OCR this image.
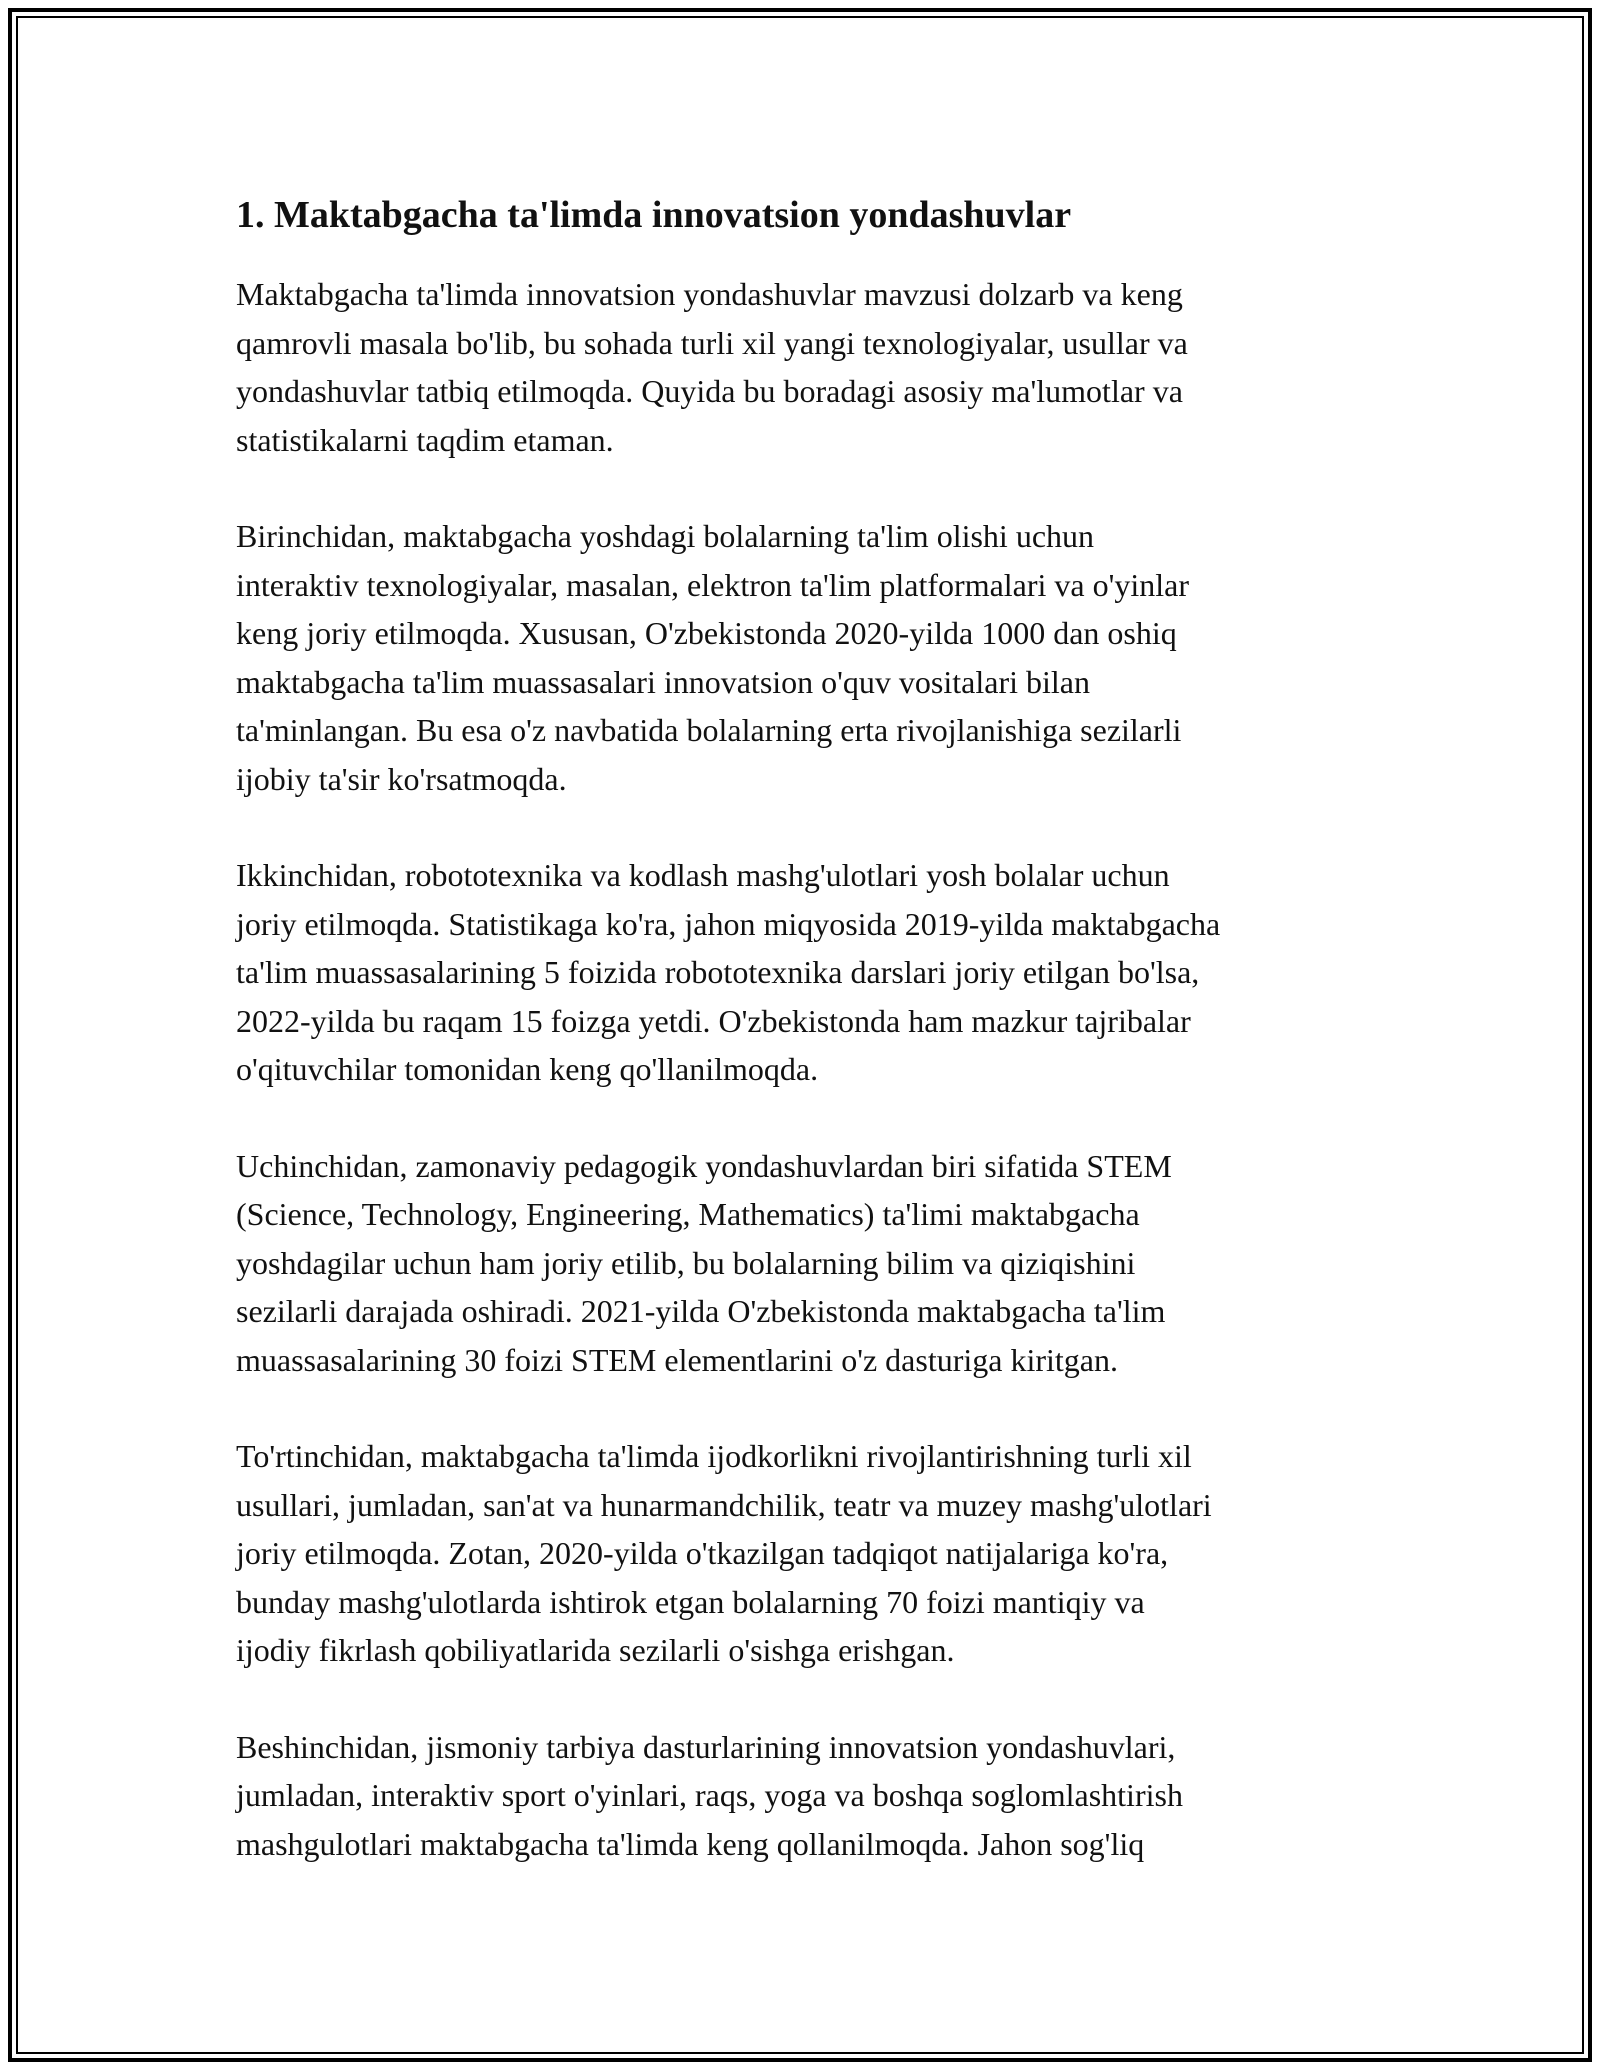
1. Maktabgacha ta'limda innovatsion yondashuvlar

Maktabgacha ta'limda innovatsion yondashuvlar mavzusi dolzarb va keng
qamrovli masala bo'lib, bu sohada turli xil yangi texnologiyalar, usullar va
yondashuvlar tatbiq etilmoqda. Quyida bu boradagi asosiy ma'lumotlar va
statistikalarni taqdim etaman.

Birinchidan, maktabgacha yoshdagi bolalarning ta'lim olishi uchun
interaktiv texnologiyalar, masalan, elektron ta'lim platformalari va o'yinlar
keng joriy etilmoqda. Xususan, O'zbekistonda 2020-yilda 1000 dan oshiq
maktabgacha ta'lim muassasalari innovatsion o'quv vositalari bilan
ta'minlangan. Bu esa o'z navbatida bolalarning erta rivojlanishiga sezilarli
ijobiy ta'sir ko'rsatmoqda.

Ikkinchidan, robototexnika va kodlash mashg'ulotlari yosh bolalar uchun
joriy etilmoqda. Statistikaga ko'ra, jahon miqyosida 2019-yilda maktabgacha
ta'lim muassasalarining 5 foizida robototexnika darslari joriy etilgan bo'lsa,
2022-yilda bu raqam 15 foizga yetdi. O'zbekistonda ham mazkur tajribalar
o'qituvchilar tomonidan keng qo'llanilmoqda.

Uchinchidan, zamonaviy pedagogik yondashuvlardan biri sifatida STEM
(Science, Technology, Engineering, Mathematics) ta'limi maktabgacha
yoshdagilar uchun ham joriy etilib, bu bolalarning bilim va qiziqishini
sezilarli darajada oshiradi. 2021-yilda O'zbekistonda maktabgacha ta'lim
muassasalarining 30 foizi STEM elementlarini o'z dasturiga kiritgan.

To'rtinchidan, maktabgacha ta'limda ijodkorlikni rivojlantirishning turli xil
usullari, jumladan, san'at va hunarmandchilik, teatr va muzey mashg'ulotlari
joriy etilmoqda. Zotan, 2020-yilda o'tkazilgan tadqiqot natijalariga ko'ra,
bunday mashg'ulotlarda ishtirok etgan bolalarning 70 foizi mantiqiy va
ijodiy fikrlash qobiliyatlarida sezilarli o'sishga erishgan.

Beshinchidan, jismoniy tarbiya dasturlarining innovatsion yondashuvlari,
jumladan, interaktiv sport o'yinlari, raqs, yoga va boshqa soglomlashtirish
mashgulotlari maktabgacha ta'limda keng qollanilmoqda. Jahon sog'liq
